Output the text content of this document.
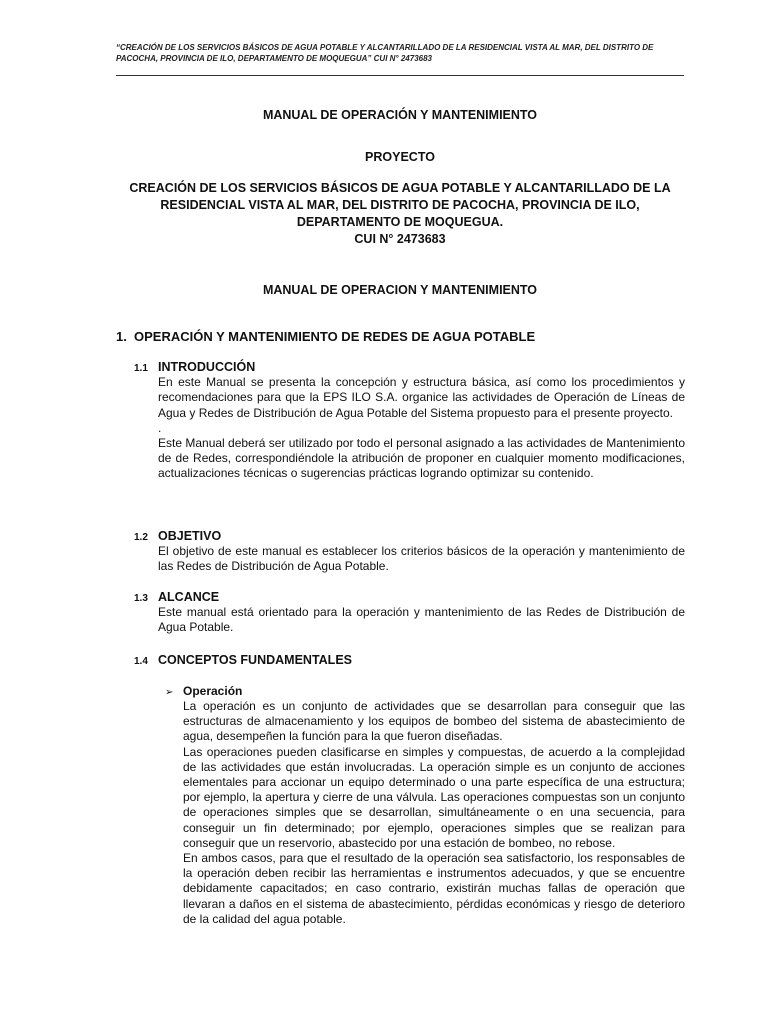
“CREACIÓN DE LOS SERVICIOS BÁSICOS DE AGUA POTABLE Y ALCANTARILLADO DE LA RESIDENCIAL VISTA AL MAR, DEL DISTRITO DE PACOCHA, PROVINCIA DE ILO, DEPARTAMENTO DE MOQUEGUA” CUI N° 2473683
MANUAL DE OPERACIÓN Y MANTENIMIENTO
PROYECTO
CREACIÓN DE LOS SERVICIOS BÁSICOS DE AGUA POTABLE Y ALCANTARILLADO DE LA
RESIDENCIAL VISTA AL MAR, DEL DISTRITO DE PACOCHA, PROVINCIA DE ILO,
DEPARTAMENTO DE MOQUEGUA.
CUI N° 2473683
MANUAL DE OPERACION Y MANTENIMIENTO
1. OPERACIÓN Y MANTENIMIENTO DE REDES DE AGUA POTABLE
1.1 INTRODUCCIÓN

En este Manual se presenta la concepción y estructura básica, así como los procedimientos y recomendaciones para que la EPS ILO S.A. organice las actividades de Operación de Líneas de Agua y Redes de Distribución de Agua Potable del Sistema propuesto para el presente proyecto.

.

Este Manual deberá ser utilizado por todo el personal asignado a las actividades de Mantenimiento de de Redes, correspondiéndole la atribución de proponer en cualquier momento modificaciones, actualizaciones técnicas o sugerencias prácticas logrando optimizar su contenido.

1.2 OBJETIVO

El objetivo de este manual es establecer los criterios básicos de la operación y mantenimiento de las Redes de Distribución de Agua Potable.

1.3 ALCANCE

Este manual está orientado para la operación y mantenimiento de las Redes de Distribución de Agua Potable.

1.4 CONCEPTOS FUNDAMENTALES
➢ Operación

La operación es un conjunto de actividades que se desarrollan para conseguir que las estructuras de almacenamiento y los equipos de bombeo del sistema de abastecimiento de agua, desempeñen la función para la que fueron diseñadas.

Las operaciones pueden clasificarse en simples y compuestas, de acuerdo a la complejidad de las actividades que están involucradas. La operación simple es un conjunto de acciones elementales para accionar un equipo determinado o una parte específica de una estructura; por ejemplo, la apertura y cierre de una válvula. Las operaciones compuestas son un conjunto de operaciones simples que se desarrollan, simultáneamente o en una secuencia, para conseguir un fin determinado; por ejemplo, operaciones simples que se realizan para conseguir que un reservorio, abastecido por una estación de bombeo, no rebose.

En ambos casos, para que el resultado de la operación sea satisfactorio, los responsables de la operación deben recibir las herramientas e instrumentos adecuados, y que se encuentre debidamente capacitados; en caso contrario, existirán muchas fallas de operación que llevaran a daños en el sistema de abastecimiento, pérdidas económicas y riesgo de deterioro de la calidad del agua potable.
